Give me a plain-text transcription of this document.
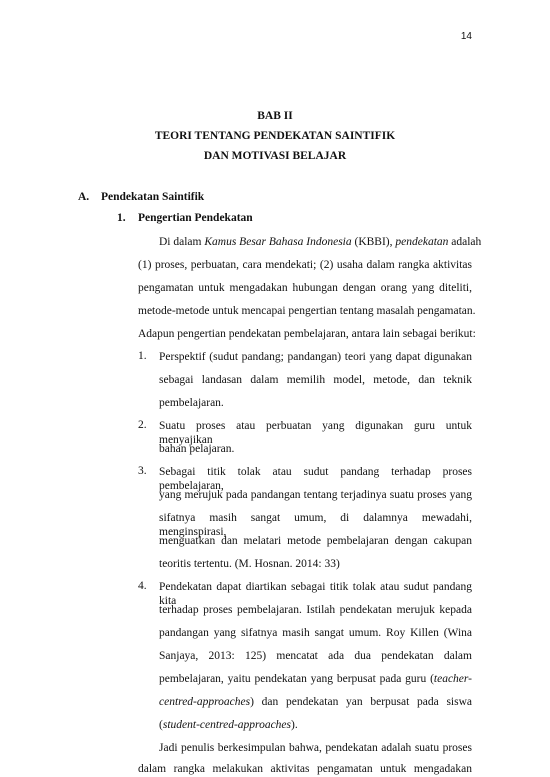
14
BAB II
TEORI TENTANG PENDEKATAN SAINTIFIK
DAN MOTIVASI BELAJAR
A. Pendekatan Saintifik
1. Pengertian Pendekatan
Di dalam Kamus Besar Bahasa Indonesia (KBBI), pendekatan adalah
(1) proses, perbuatan, cara mendekati; (2) usaha dalam rangka aktivitas
pengamatan untuk mengadakan hubungan dengan orang yang diteliti,
metode-metode untuk mencapai pengertian tentang masalah pengamatan.
Adapun pengertian pendekatan pembelajaran, antara lain sebagai berikut:
1. Perspektif (sudut pandang; pandangan) teori yang dapat digunakan
sebagai landasan dalam memilih model, metode, dan teknik
pembelajaran.
2. Suatu proses atau perbuatan yang digunakan guru untuk menyajikan
bahan pelajaran.
3. Sebagai titik tolak atau sudut pandang terhadap proses pembelajaran,
yang merujuk pada pandangan tentang terjadinya suatu proses yang
sifatnya masih sangat umum, di dalamnya mewadahi, menginspirasi,
menguatkan dan melatari metode pembelajaran dengan cakupan
teoritis tertentu. (M. Hosnan. 2014: 33)
4. Pendekatan dapat diartikan sebagai titik tolak atau sudut pandang kita
terhadap proses pembelajaran. Istilah pendekatan merujuk kepada
pandangan yang sifatnya masih sangat umum. Roy Killen (Wina
Sanjaya, 2013: 125) mencatat ada dua pendekatan dalam
pembelajaran, yaitu pendekatan yang berpusat pada guru (teacher-
centred-approaches) dan pendekatan yan berpusat pada siswa
(student-centred-approaches).
Jadi penulis berkesimpulan bahwa, pendekatan adalah suatu proses
dalam rangka melakukan aktivitas pengamatan untuk mengadakan
